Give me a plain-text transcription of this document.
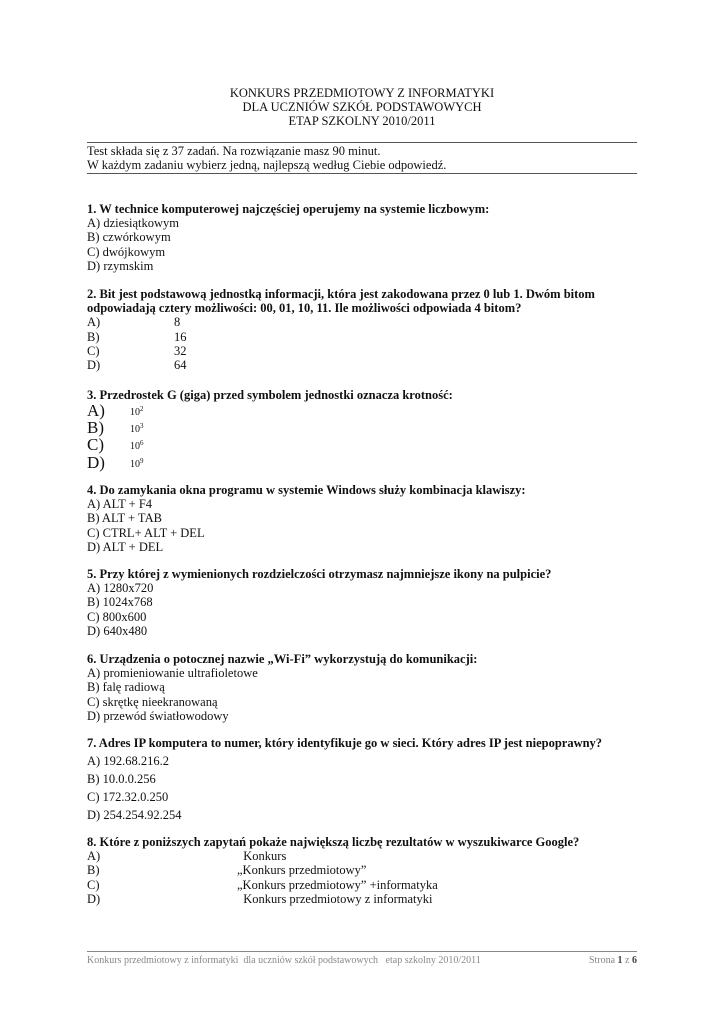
KONKURS PRZEDMIOTOWY Z INFORMATYKI
DLA UCZNIÓW SZKÓŁ PODSTAWOWYCH
ETAP SZKOLNY 2010/2011
Test składa się z 37 zadań. Na rozwiązanie masz 90 minut.
W każdym zadaniu wybierz jedną, najlepszą według Ciebie odpowiedź.
1. W technice komputerowej najczęściej operujemy na systemie liczbowym:
A) dziesiątkowym
B) czwórkowym
C) dwójkowym
D) rzymskim
2. Bit jest podstawową jednostką informacji, która jest zakodowana przez 0 lub 1. Dwóm bitom
odpowiadają cztery możliwości: 00, 01, 10, 11. Ile możliwości odpowiada 4 bitom?
A)	8
B)	16
C)	32
D)	64
3. Przedrostek G (giga) przed symbolem jednostki oznacza krotność:
A)	$10^2$
B)	$10^3$
C)	$10^6$
D)	$10^9$
4. Do zamykania okna programu w systemie Windows służy kombinacja klawiszy:
A) ALT + F4
B) ALT + TAB
C) CTRL+ ALT + DEL
D) ALT + DEL
5. Przy której z wymienionych rozdzielczości otrzymasz najmniejsze ikony na pulpicie?
A) 1280x720
B) 1024x768
C) 800x600
D) 640x480
6. Urządzenia o potocznej nazwie „Wi-Fi” wykorzystują do komunikacji:
A) promieniowanie ultrafioletowe
B) falę radiową
C) skrętkę nieekranowaną
D) przewód światłowodowy
7. Adres IP komputera to numer, który identyfikuje go w sieci. Który adres IP jest niepoprawny?
A) 192.68.216.2
B) 10.0.0.256
C) 172.32.0.250
D) 254.254.92.254
8. Które z poniższych zapytań pokaże największą liczbę rezultatów w wyszukiwarce Google?
A)	Konkurs
B)	„Konkurs przedmiotowy”
C)	„Konkurs przedmiotowy” +informatyka
D)	Konkurs przedmiotowy z informatyki
Konkurs przedmiotowy z informatyki  dla uczniów szkół podstawowych   etap szkolny 2010/2011	Strona 1 z 6
